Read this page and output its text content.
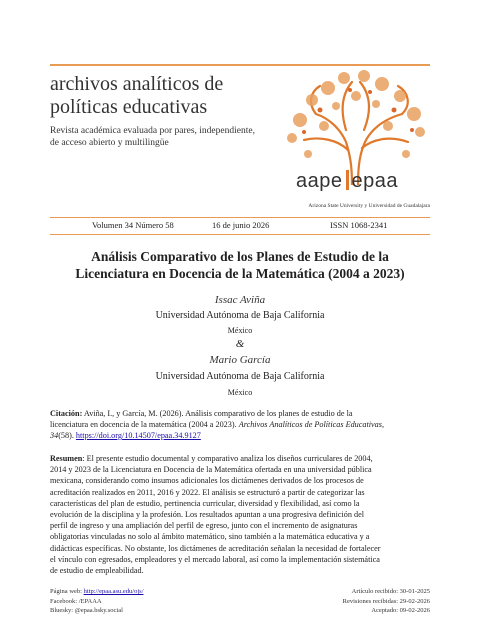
archivos analíticos de
políticas educativas
Revista académica evaluada por pares, independiente,
de acceso abierto y multilingüe
aape epaa
Arizona State University y Universidad de Guadalajara
Volumen 34 Número 58	16 de junio 2026	ISSN 1068-2341
Análisis Comparativo de los Planes de Estudio de la
Licenciatura en Docencia de la Matemática (2004 a 2023)
Issac Aviña
Universidad Autónoma de Baja California
México
&
Mario García
Universidad Autónoma de Baja California
México
Citación: Aviña, I., y García, M. (2026). Análisis comparativo de los planes de estudio de la
licenciatura en docencia de la matemática (2004 a 2023). Archivos Analíticos de Políticas Educativas,
34(58). https://doi.org/10.14507/epaa.34.9127
Resumen: El presente estudio documental y comparativo analiza los diseños curriculares de 2004,
2014 y 2023 de la Licenciatura en Docencia de la Matemática ofertada en una universidad pública
mexicana, considerando como insumos adicionales los dictámenes derivados de los procesos de
acreditación realizados en 2011, 2016 y 2022. El análisis se estructuró a partir de categorizar las
características del plan de estudio, pertinencia curricular, diversidad y flexibilidad, así como la
evolución de la disciplina y la profesión. Los resultados apuntan a una progresiva definición del
perfil de ingreso y una ampliación del perfil de egreso, junto con el incremento de asignaturas
obligatorias vinculadas no solo al ámbito matemático, sino también a la matemática educativa y a
didácticas específicas. No obstante, los dictámenes de acreditación señalan la necesidad de fortalecer
el vínculo con egresados, empleadores y el mercado laboral, así como la implementación sistemática
de estudio de empleabilidad.
Página web: http://epaa.asu.edu/ojs/
Facebook: /EPAAA
Bluesky: @epaa.bsky.social
Artículo recibido: 30-01-2025
Revisiones recibidas: 29-02-2026
Aceptado: 09-02-2026
